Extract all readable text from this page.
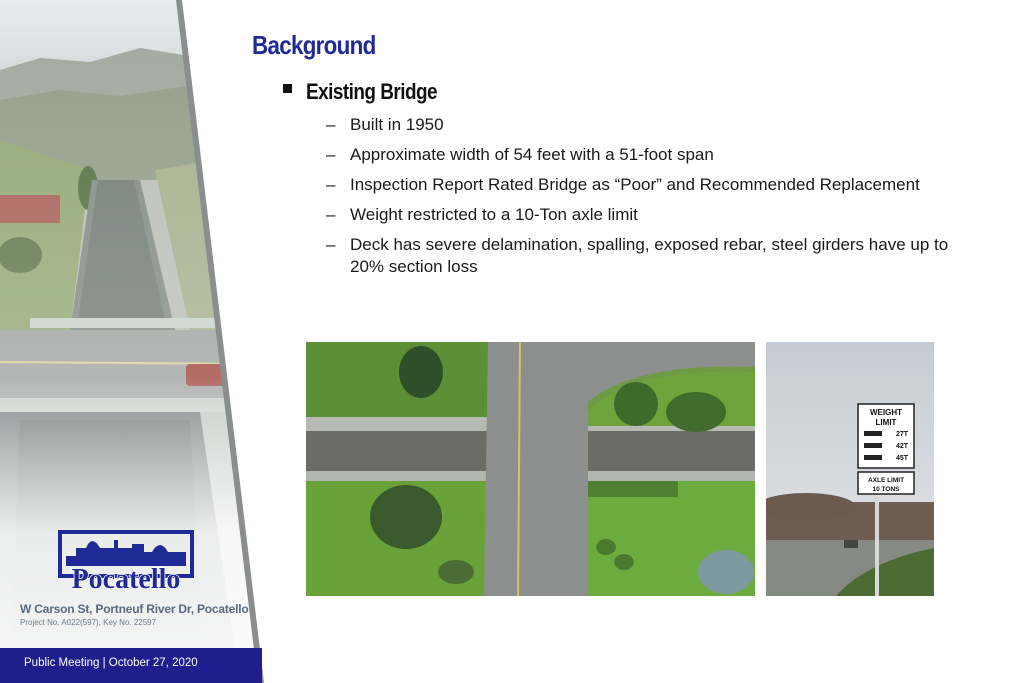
Pocatello
W Carson St, Portneuf River Dr, Pocatello
Project No. A022(597), Key No. 22597
Public Meeting | October 27, 2020
Background
Existing Bridge
– Built in 1950
– Approximate width of 54 feet with a 51-foot span
– Inspection Report Rated Bridge as “Poor” and Recommended Replacement
– Weight restricted to a 10-Ton axle limit
– Deck has severe delamination, spalling, exposed rebar, steel girders have up to 20% section loss
WEIGHT
LIMIT
27T
42T
45T
AXLE LIMIT
10 TONS
